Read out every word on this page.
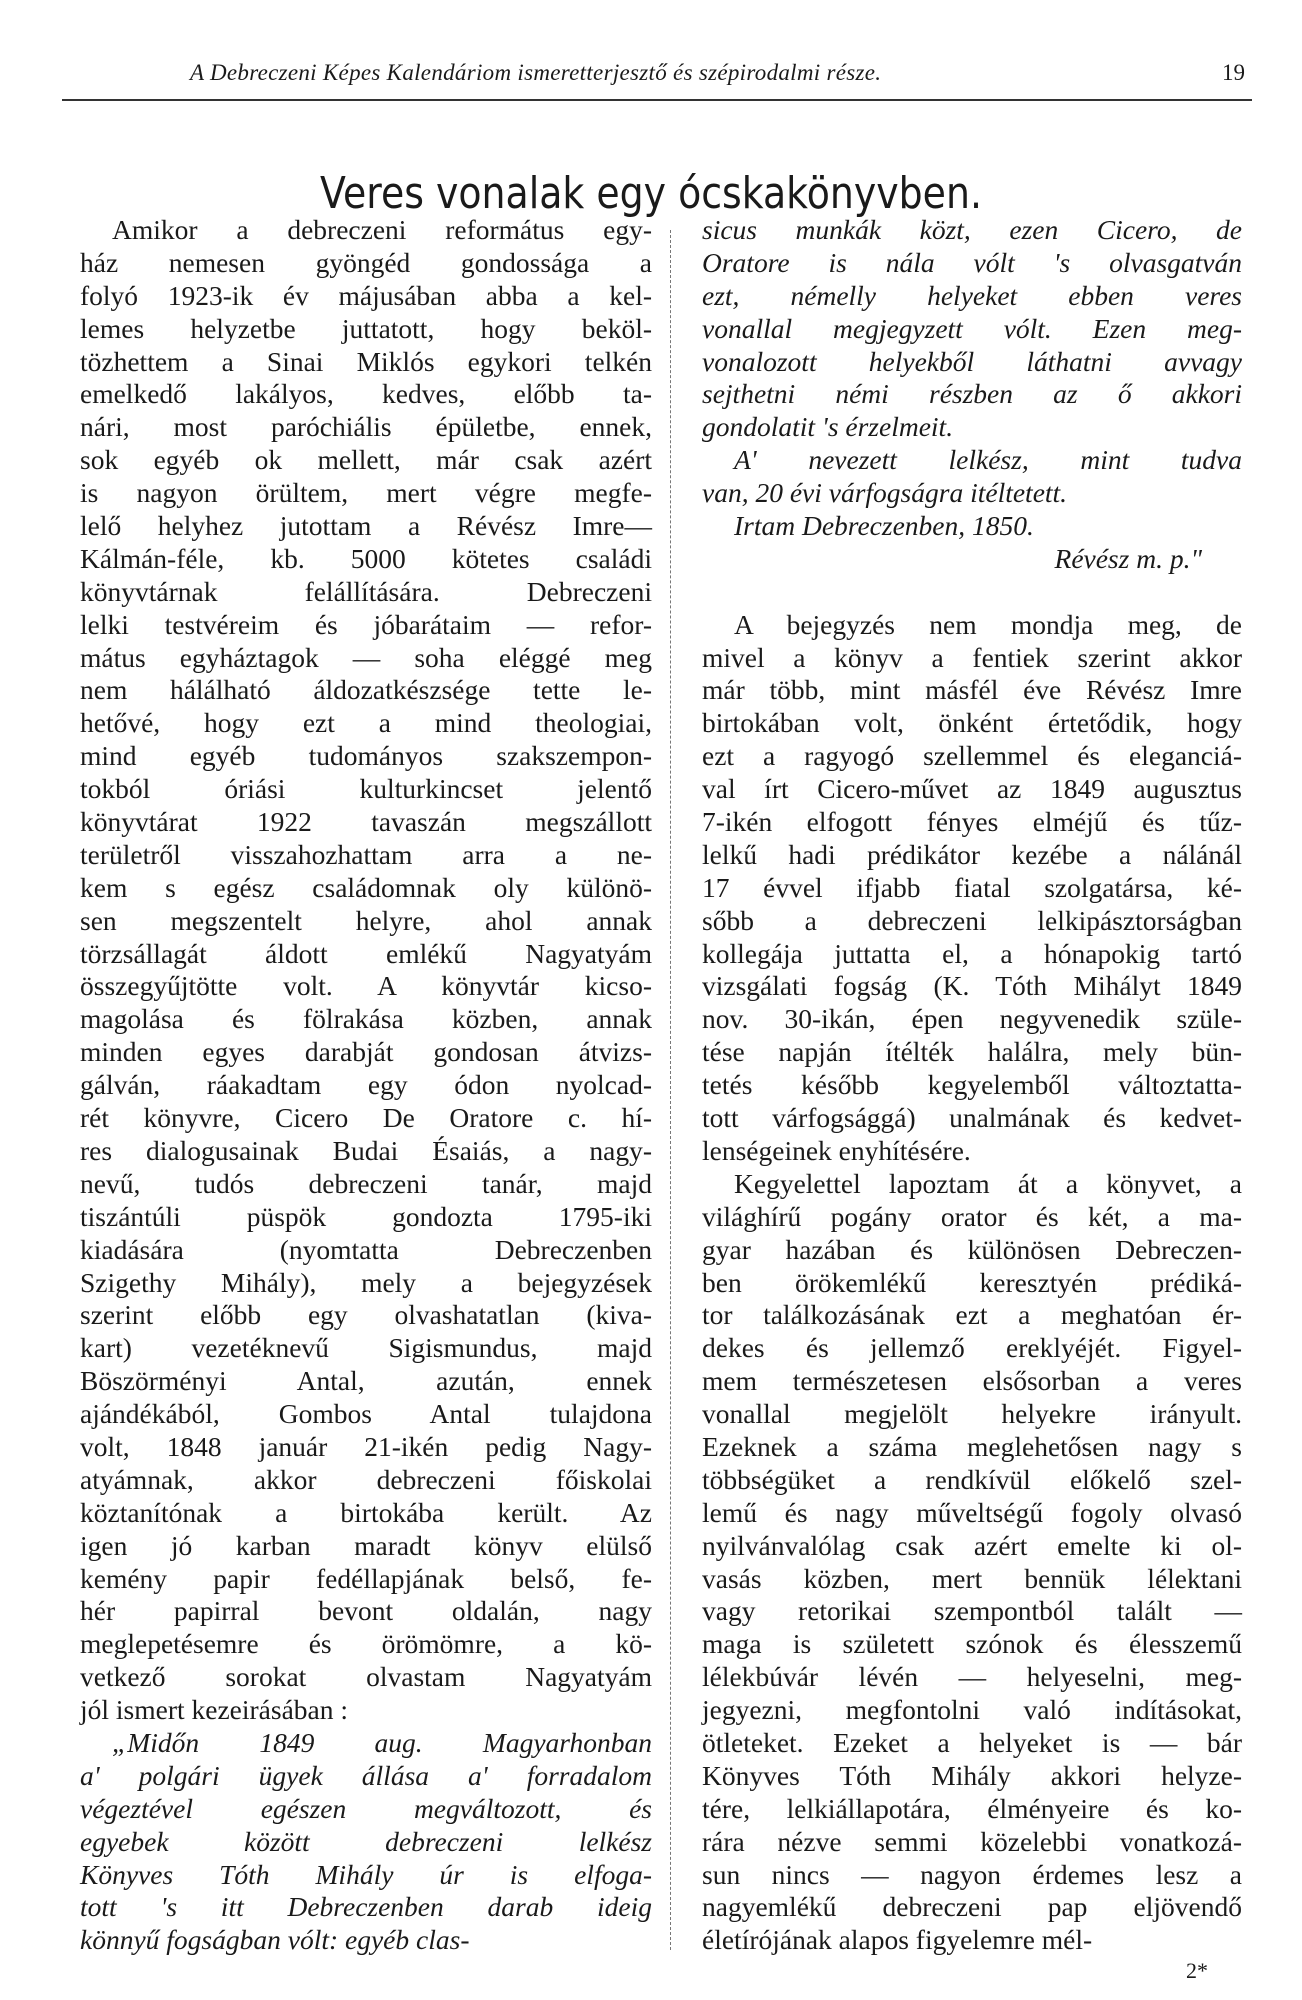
A Debreczeni Képes Kalendáriom ismeretterjesztő és szépirodalmi része.	19
Veres vonalak egy ócskakönyvben.
Amikor a debreczeni református egy-
ház nemesen gyöngéd gondossága a
folyó 1923-ik év májusában abba a kel-
lemes helyzetbe juttatott, hogy beköl-
tözhettem a Sinai Miklós egykori telkén
emelkedő lakályos, kedves, előbb ta-
nári, most paróchiális épületbe, ennek,
sok egyéb ok mellett, már csak azért
is nagyon örültem, mert végre megfe-
lelő helyhez jutottam a Révész Imre—
Kálmán-féle, kb. 5000 kötetes családi
könyvtárnak felállítására. Debreczeni
lelki testvéreim és jóbarátaim — refor-
mátus egyháztagok — soha eléggé meg
nem hálálható áldozatkészsége tette le-
hetővé, hogy ezt a mind theologiai,
mind egyéb tudományos szakszempon-
tokból óriási kulturkincset jelentő
könyvtárat 1922 tavaszán megszállott
területről visszahozhattam arra a ne-
kem s egész családomnak oly különö-
sen megszentelt helyre, ahol annak
törzsállagát áldott emlékű Nagyatyám
összegyűjtötte volt. A könyvtár kicso-
magolása és fölrakása közben, annak
minden egyes darabját gondosan átvizs-
gálván, ráakadtam egy ódon nyolcad-
rét könyvre, Cicero De Oratore c. hí-
res dialogusainak Budai Ésaiás, a nagy-
nevű, tudós debreczeni tanár, majd
tiszántúli püspök gondozta 1795-iki
kiadására (nyomtatta Debreczenben
Szigethy Mihály), mely a bejegyzések
szerint előbb egy olvashatatlan (kiva-
kart) vezetéknevű Sigismundus, majd
Böszörményi Antal, azután, ennek
ajándékából, Gombos Antal tulajdona
volt, 1848 január 21-ikén pedig Nagy-
atyámnak, akkor debreczeni főiskolai
köztanítónak a birtokába került. Az
igen jó karban maradt könyv elülső
kemény papir fedéllapjának belső, fe-
hér papirral bevont oldalán, nagy
meglepetésemre és örömömre, a kö-
vetkező sorokat olvastam Nagyatyám
jól ismert kezeirásában :
„Midőn 1849 aug. Magyarhonban
a' polgári ügyek állása a' forradalom
végeztével egészen megváltozott, és
egyebek között debreczeni lelkész
Könyves Tóth Mihály úr is elfoga-
tott 's itt Debreczenben darab ideig
könnyű fogságban vólt: egyéb clas-
sicus munkák közt, ezen Cicero, de
Oratore is nála vólt 's olvasgatván
ezt, némelly helyeket ebben veres
vonallal megjegyzett vólt. Ezen meg-
vonalozott helyekből láthatni avvagy
sejthetni némi részben az ő akkori
gondolatit 's érzelmeit.
A' nevezett lelkész, mint tudva
van, 20 évi várfogságra itéltetett.
Irtam Debreczenben, 1850.
Révész m. p."
A bejegyzés nem mondja meg, de
mivel a könyv a fentiek szerint akkor
már több, mint másfél éve Révész Imre
birtokában volt, önként értetődik, hogy
ezt a ragyogó szellemmel és eleganciá-
val írt Cicero-művet az 1849 augusztus
7-ikén elfogott fényes elméjű és tűz-
lelkű hadi prédikátor kezébe a nálánál
17 évvel ifjabb fiatal szolgatársa, ké-
sőbb a debreczeni lelkipásztorságban
kollegája juttatta el, a hónapokig tartó
vizsgálati fogság (K. Tóth Mihályt 1849
nov. 30-ikán, épen negyvenedik szüle-
tése napján ítélték halálra, mely bün-
tetés később kegyelemből változtatta-
tott várfogsággá) unalmának és kedvet-
lenségeinek enyhítésére.
Kegyelettel lapoztam át a könyvet, a
világhírű pogány orator és két, a ma-
gyar hazában és különösen Debreczen-
ben örökemlékű keresztyén prédiká-
tor találkozásának ezt a meghatóan ér-
dekes és jellemző ereklyéjét. Figyel-
mem természetesen elsősorban a veres
vonallal megjelölt helyekre irányult.
Ezeknek a száma meglehetősen nagy s
többségüket a rendkívül előkelő szel-
lemű és nagy műveltségű fogoly olvasó
nyilvánvalólag csak azért emelte ki ol-
vasás közben, mert bennük lélektani
vagy retorikai szempontból talált —
maga is született szónok és élesszemű
lélekbúvár lévén — helyeselni, meg-
jegyezni, megfontolni való indításokat,
ötleteket. Ezeket a helyeket is — bár
Könyves Tóth Mihály akkori helyze-
tére, lelkiállapotára, élményeire és ko-
rára nézve semmi közelebbi vonatkozá-
sun nincs — nagyon érdemes lesz a
nagyemlékű debreczeni pap eljövendő
életírójának alapos figyelemre mél-
2*
